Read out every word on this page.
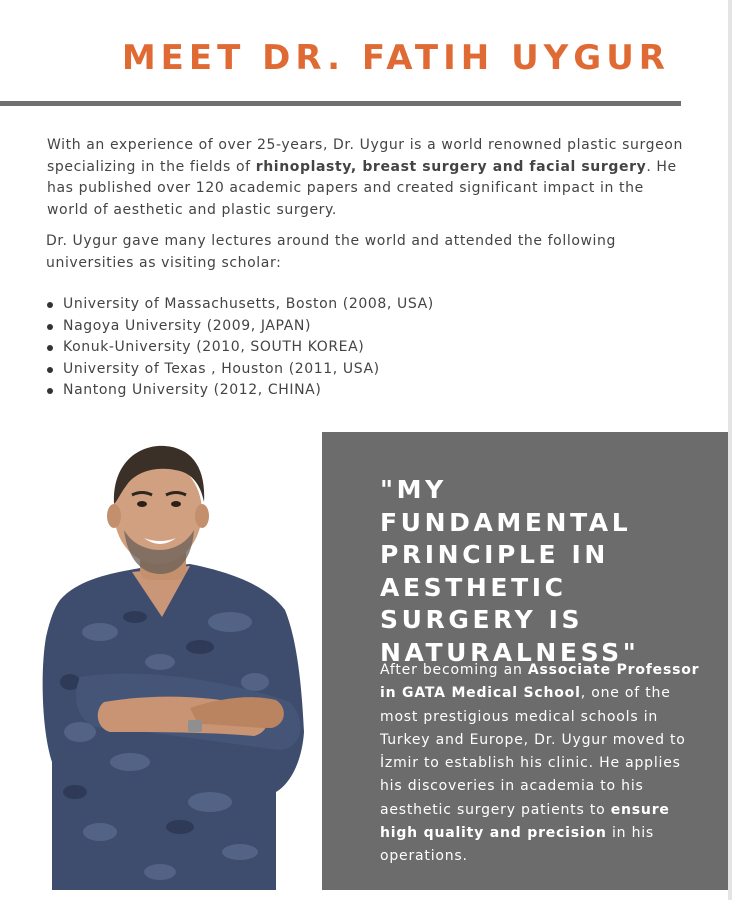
MEET DR. FATIH UYGUR

With an experience of over 25-years, Dr. Uygur is a world renowned plastic surgeon specializing in the fields of rhinoplasty, breast surgery and facial surgery. He has published over 120 academic papers and created significant impact in the world of aesthetic and plastic surgery.

Dr. Uygur gave many lectures around the world and attended the following universities as visiting scholar:

University of Massachusetts, Boston (2008, USA)
Nagoya University (2009, JAPAN)
Konuk-University (2010, SOUTH KOREA)
University of Texas , Houston (2011, USA)
Nantong University (2012, CHINA)

"MY FUNDAMENTAL PRINCIPLE IN AESTHETIC SURGERY IS NATURALNESS"

After becoming an Associate Professor in GATA Medical School, one of the most prestigious medical schools in Turkey and Europe, Dr. Uygur moved to İzmir to establish his clinic. He applies his discoveries in academia to his aesthetic surgery patients to ensure high quality and precision in his operations.
